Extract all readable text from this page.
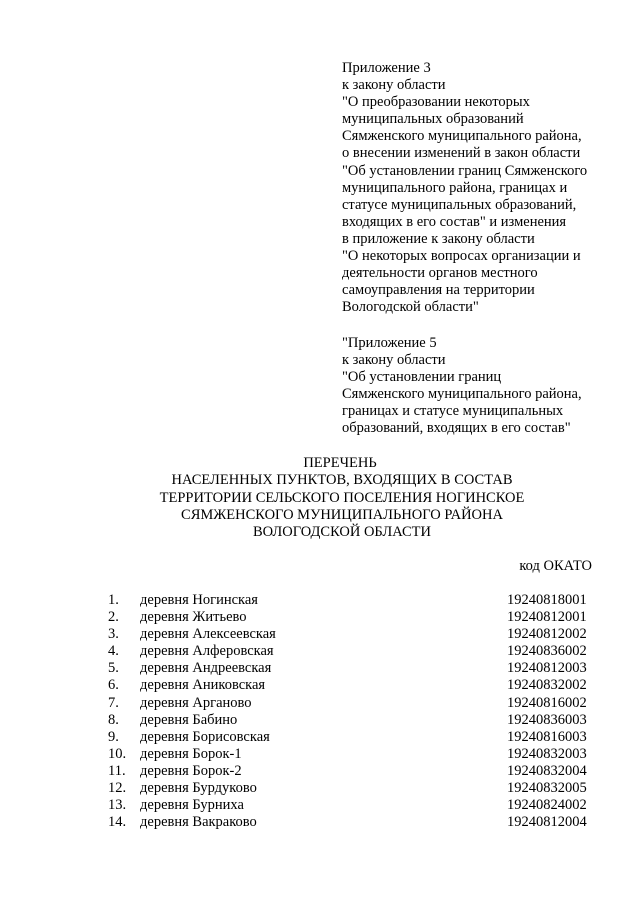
Приложение 3
к закону области
"О преобразовании некоторых
муниципальных образований
Сямженского муниципального района,
о внесении изменений в закон области
"Об установлении границ Сямженского
муниципального района, границах и
статусе муниципальных образований,
входящих в его состав" и изменения
в приложение к закону области
"О некоторых вопросах организации и
деятельности органов местного
самоуправления на территории
Вологодской области"
"Приложение 5
к закону области
"Об установлении границ
Сямженского муниципального района,
границах и статусе муниципальных
образований, входящих в его состав"
ПЕРЕЧЕНЬ
НАСЕЛЕННЫХ ПУНКТОВ, ВХОДЯЩИХ В СОСТАВ
ТЕРРИТОРИИ СЕЛЬСКОГО ПОСЕЛЕНИЯ НОГИНСКОЕ
СЯМЖЕНСКОГО МУНИЦИПАЛЬНОГО РАЙОНА
ВОЛОГОДСКОЙ ОБЛАСТИ
код ОКАТО
1. деревня Ногинская	19240818001
2. деревня Житьево	19240812001
3. деревня Алексеевская	19240812002
4. деревня Алферовская	19240836002
5. деревня Андреевская	19240812003
6. деревня Аниковская	19240832002
7. деревня Арганово	19240816002
8. деревня Бабино	19240836003
9. деревня Борисовская	19240816003
10. деревня Борок-1	19240832003
11. деревня Борок-2	19240832004
12. деревня Бурдуково	19240832005
13. деревня Бурниха	19240824002
14. деревня Вакраково	19240812004
